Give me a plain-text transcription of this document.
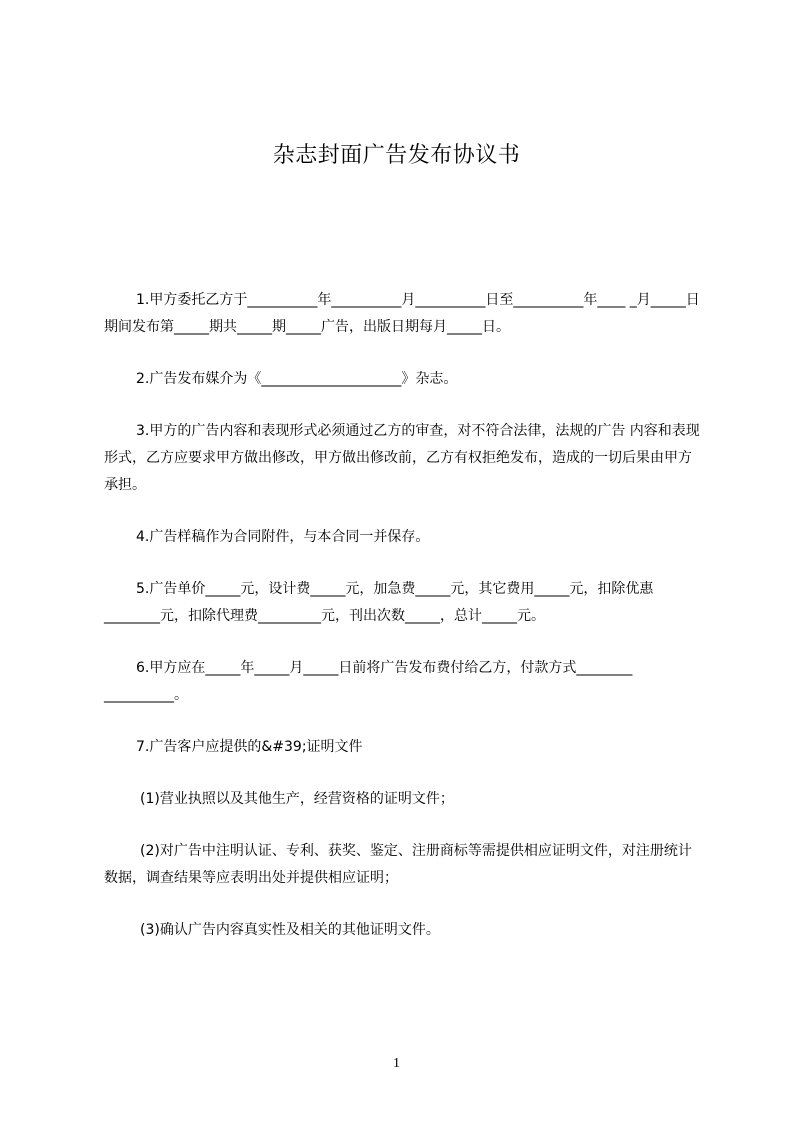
杂志封面广告发布协议书

1.甲方委托乙方于__________年__________月__________日至__________年____ _月_____日期间发布第_____期共_____期_____广告，出版日期每月_____日。

2.广告发布媒介为《____________________》杂志。

3.甲方的广告内容和表现形式必须通过乙方的审查，对不符合法律，法规的广告 内容和表现形式，乙方应要求甲方做出修改，甲方做出修改前，乙方有权拒绝发布，造成的一切后果由甲方承担。

4.广告样稿作为合同附件，与本合同一并保存。

5.广告单价_____元，设计费_____元，加急费_____元，其它费用_____元，扣除优惠________元，扣除代理费_________元，刊出次数_____，总计_____元。

6.甲方应在_____年_____月_____日前将广告发布费付给乙方，付款方式________ __________。

7.广告客户应提供的&#39;证明文件

(1)营业执照以及其他生产，经营资格的证明文件；

(2)对广告中注明认证、专利、获奖、鉴定、注册商标等需提供相应证明文件，对注册统计数据，调查结果等应表明出处并提供相应证明；

(3)确认广告内容真实性及相关的其他证明文件。

1
